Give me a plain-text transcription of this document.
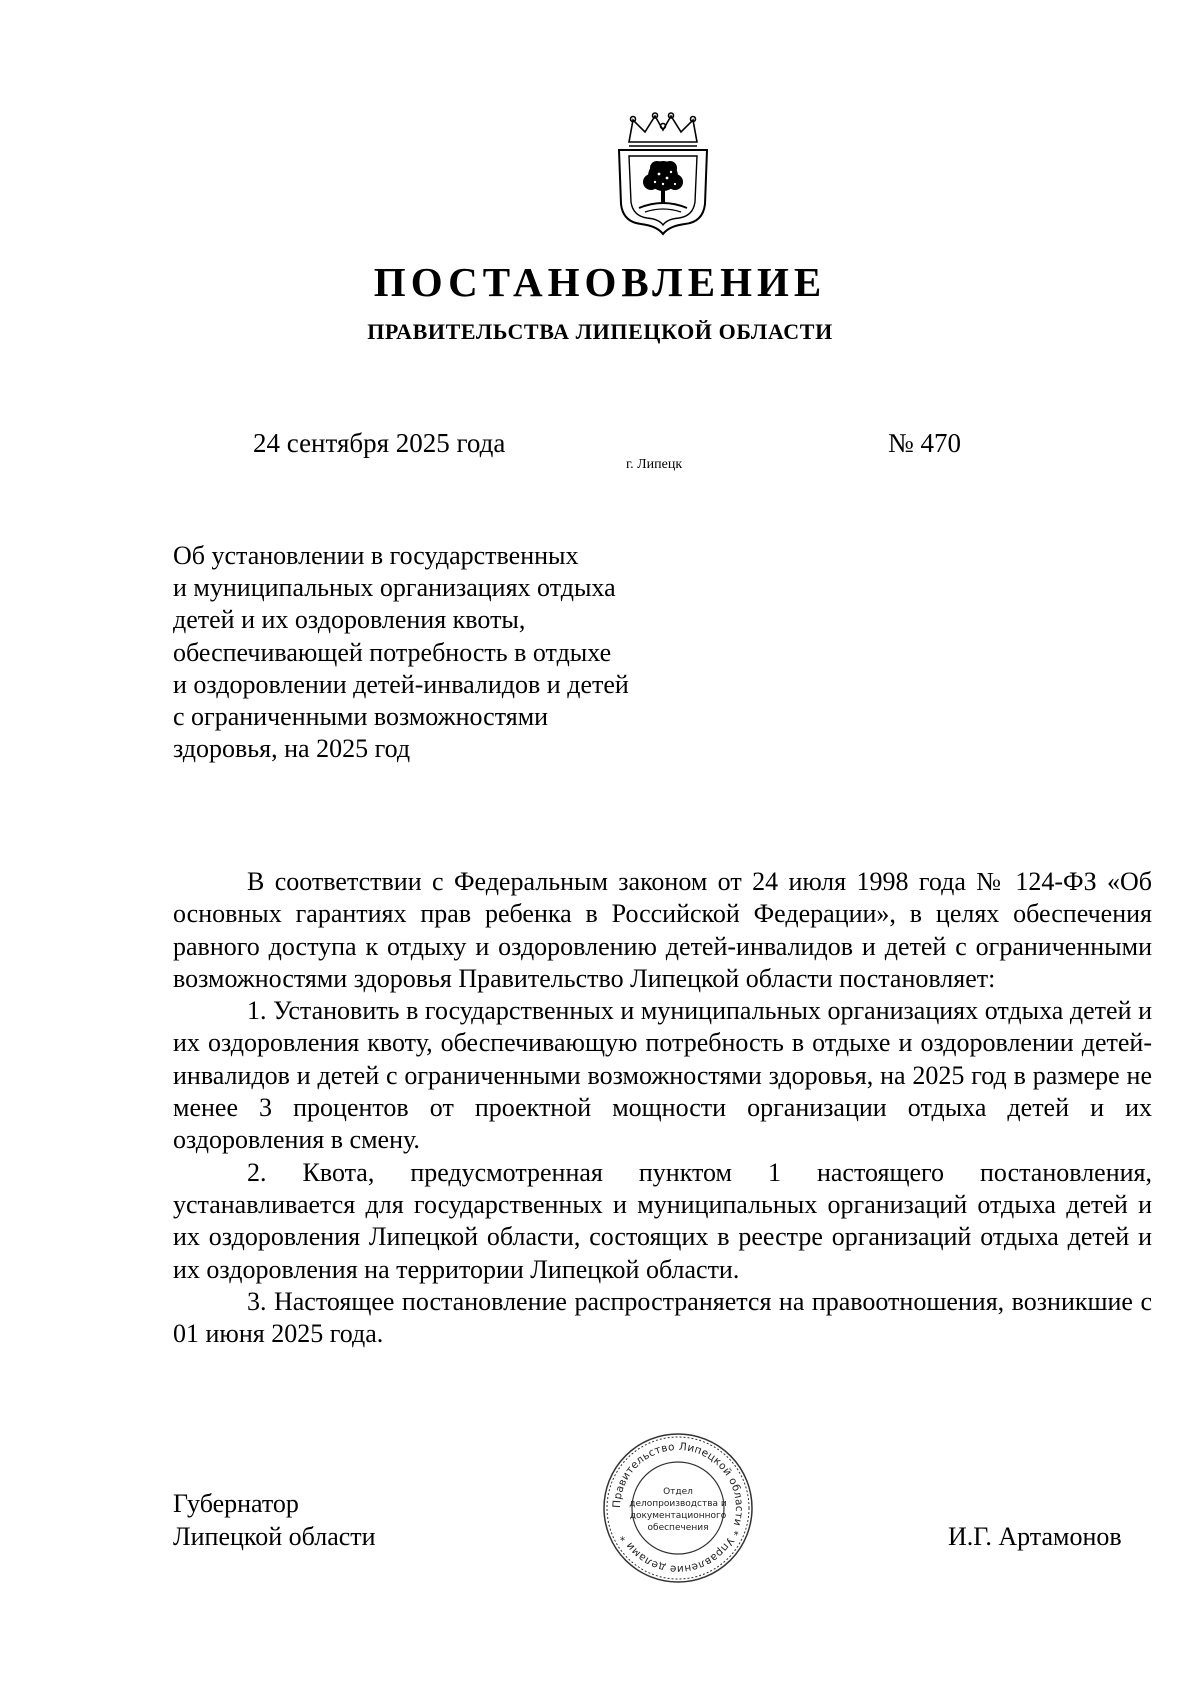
ПОСТАНОВЛЕНИЕ
ПРАВИТЕЛЬСТВА ЛИПЕЦКОЙ ОБЛАСТИ
24 сентября 2025 года
г. Липецк
№ 470
Об установлении в государственных
и муниципальных организациях отдыха
детей и их оздоровления квоты,
обеспечивающей потребность в отдыхе
и оздоровлении детей-инвалидов и детей
с ограниченными возможностями
здоровья, на 2025 год

В соответствии с Федеральным законом от 24 июля 1998 года № 124-ФЗ «Об основных гарантиях прав ребенка в Российской Федерации», в целях обеспечения равного доступа к отдыху и оздоровлению детей-инвалидов и детей с ограниченными возможностями здоровья Правительство Липецкой области постановляет:

1. Установить в государственных и муниципальных организациях отдыха детей и их оздоровления квоту, обеспечивающую потребность в отдыхе и оздоровлении детей-инвалидов и детей с ограниченными возможностями здоровья, на 2025 год в размере не менее 3 процентов от проектной мощности организации отдыха детей и их оздоровления в смену.

2. Квота, предусмотренная пунктом 1 настоящего постановления, устанавливается для государственных и муниципальных организаций отдыха детей и их оздоровления Липецкой области, состоящих в реестре организаций отдыха детей и их оздоровления на территории Липецкой области.

3. Настоящее постановление распространяется на правоотношения, возникшие с 01 июня 2025 года.

Губернатор
Липецкой области	И.Г. Артамонов
Правительство Липецкой области * Управление делами *
Отдел
делопроизводства и
документационного
обеспечения
